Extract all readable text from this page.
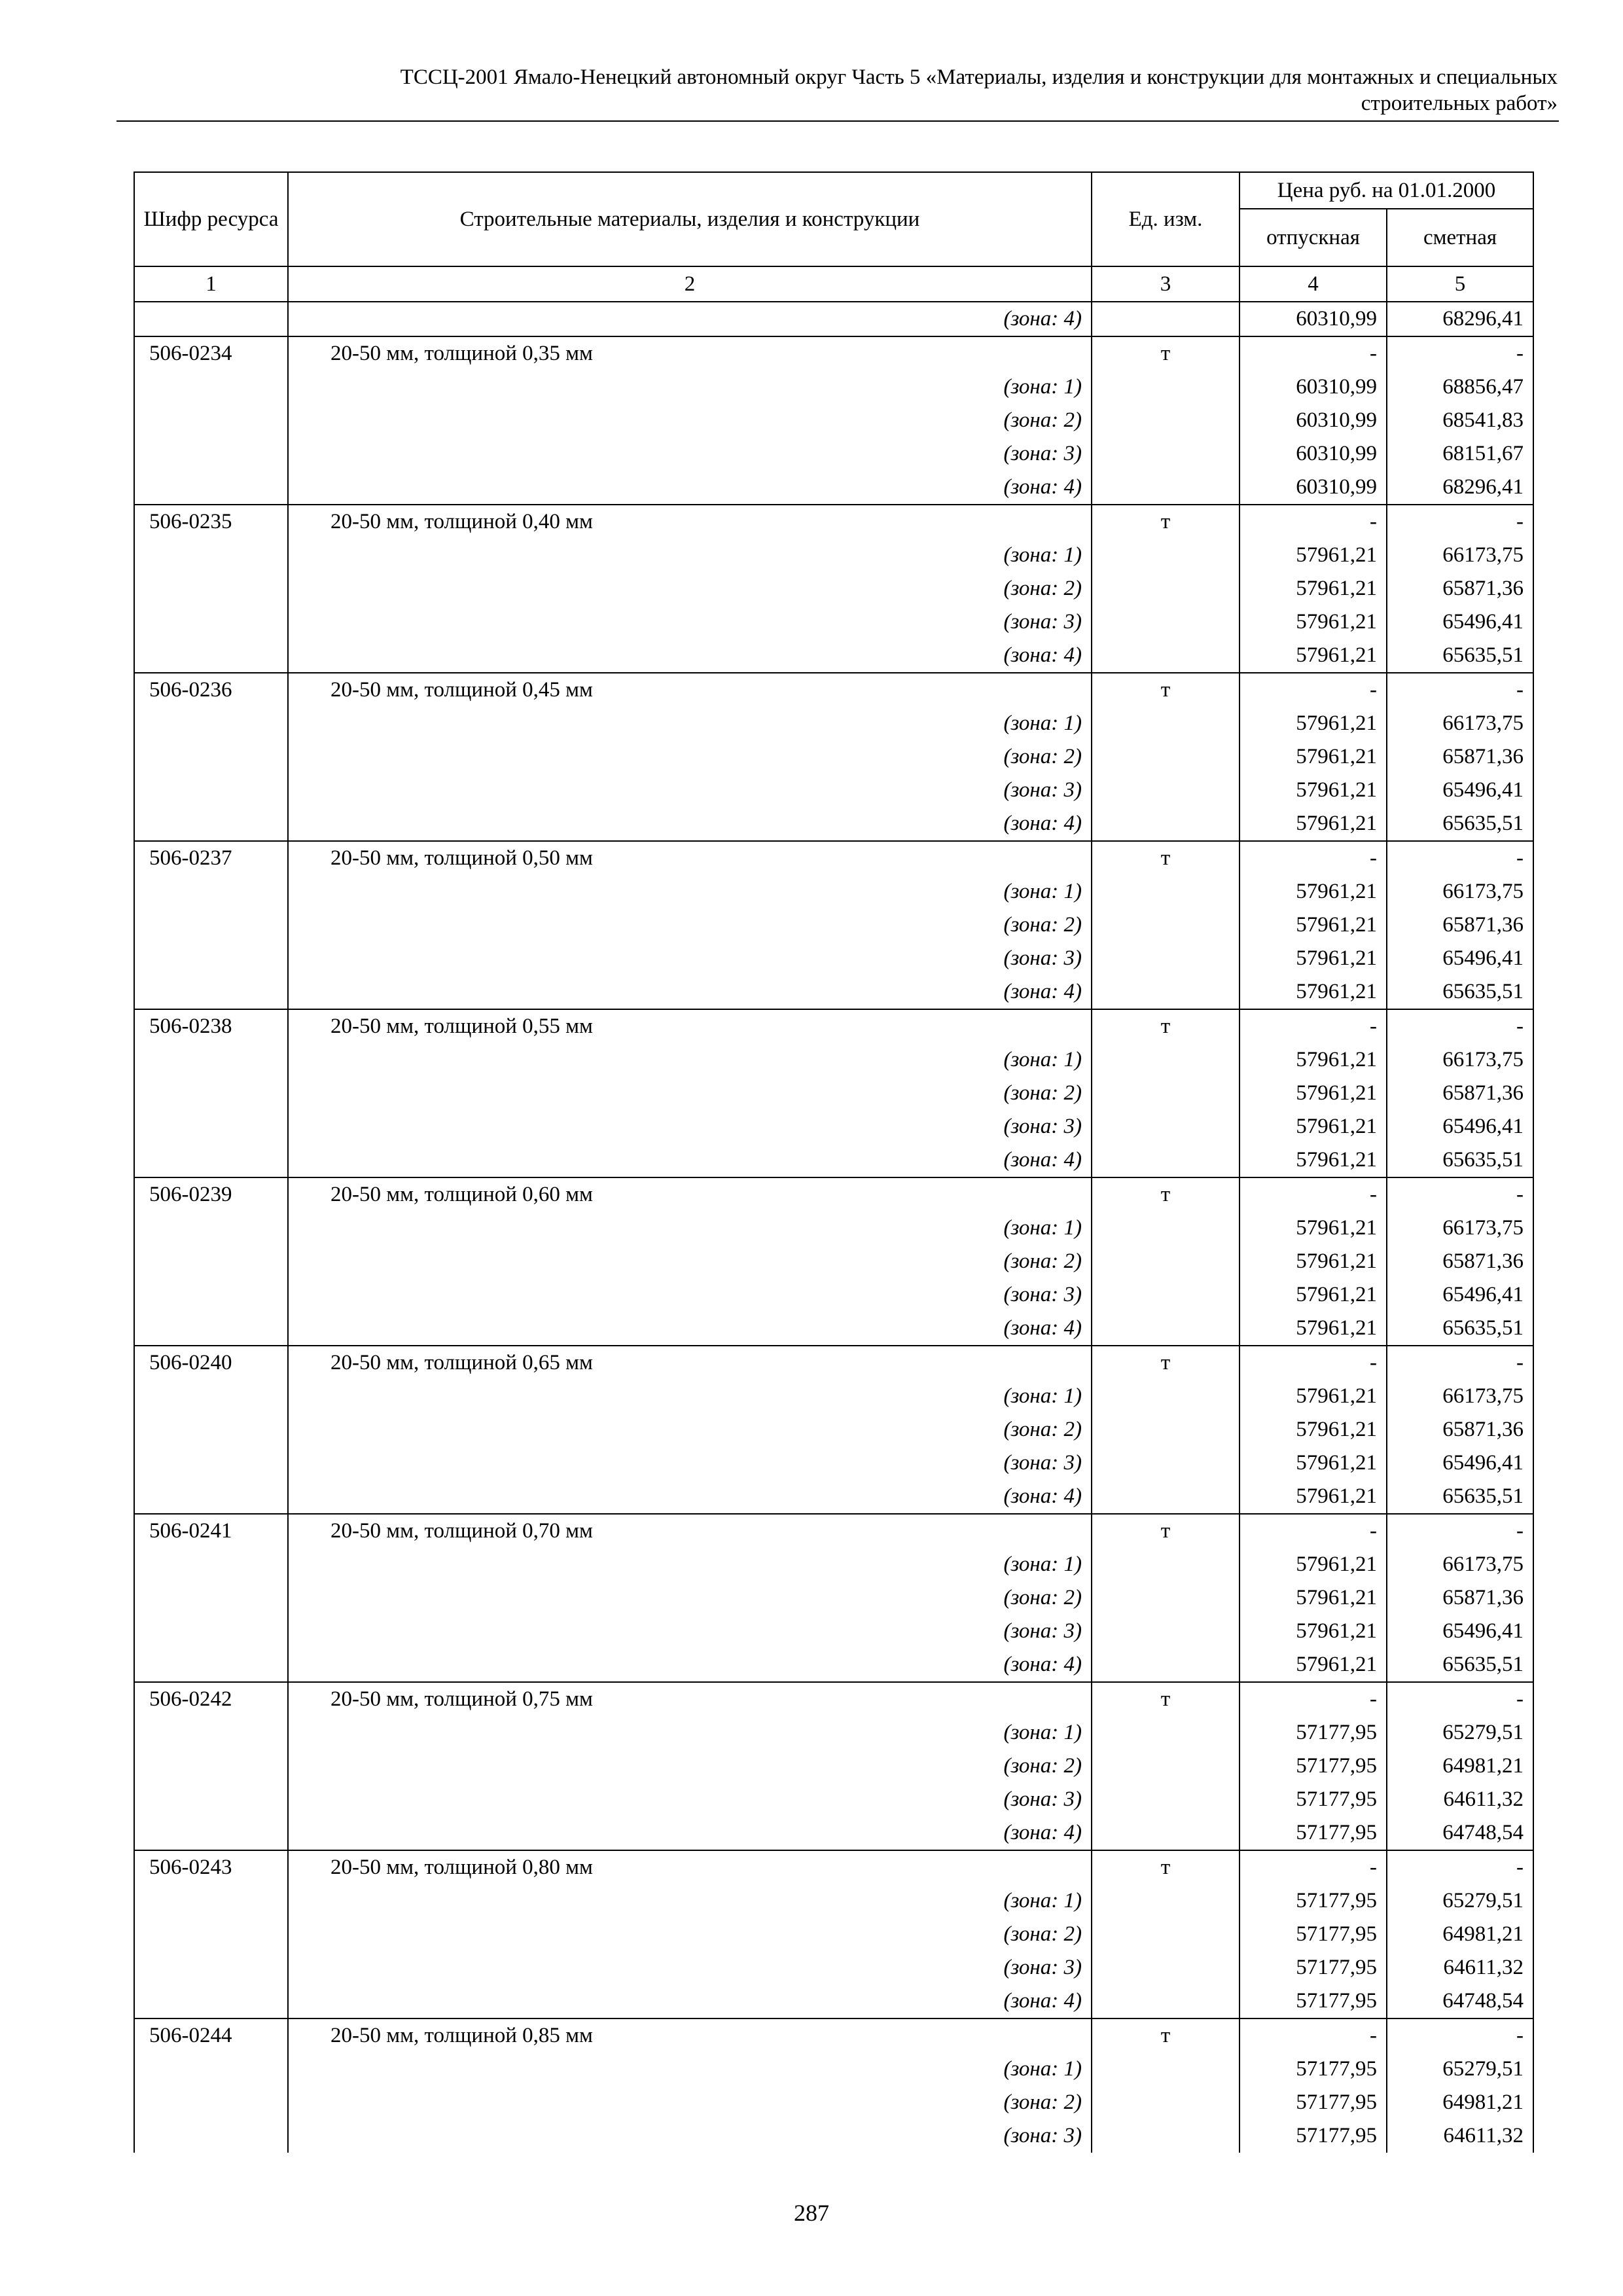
ТССЦ-2001 Ямало-Ненецкий автономный округ Часть 5 «Материалы, изделия и конструкции для монтажных и специальных
строительных работ»
Шифр ресурса	Строительные материалы, изделия и конструкции	Ед. изм.	Цена руб. на 01.01.2000	
			отпускная	сметная
1	2	3	4	5
	(зона: 4)		60310,99	68296,41
506-0234	20-50 мм, толщиной 0,35 мм	т	-	-
	(зона: 1)		60310,99	68856,47
	(зона: 2)		60310,99	68541,83
	(зона: 3)		60310,99	68151,67
	(зона: 4)		60310,99	68296,41
506-0235	20-50 мм, толщиной 0,40 мм	т	-	-
	(зона: 1)		57961,21	66173,75
	(зона: 2)		57961,21	65871,36
	(зона: 3)		57961,21	65496,41
	(зона: 4)		57961,21	65635,51
506-0236	20-50 мм, толщиной 0,45 мм	т	-	-
	(зона: 1)		57961,21	66173,75
	(зона: 2)		57961,21	65871,36
	(зона: 3)		57961,21	65496,41
	(зона: 4)		57961,21	65635,51
506-0237	20-50 мм, толщиной 0,50 мм	т	-	-
	(зона: 1)		57961,21	66173,75
	(зона: 2)		57961,21	65871,36
	(зона: 3)		57961,21	65496,41
	(зона: 4)		57961,21	65635,51
506-0238	20-50 мм, толщиной 0,55 мм	т	-	-
	(зона: 1)		57961,21	66173,75
	(зона: 2)		57961,21	65871,36
	(зона: 3)		57961,21	65496,41
	(зона: 4)		57961,21	65635,51
506-0239	20-50 мм, толщиной 0,60 мм	т	-	-
	(зона: 1)		57961,21	66173,75
	(зона: 2)		57961,21	65871,36
	(зона: 3)		57961,21	65496,41
	(зона: 4)		57961,21	65635,51
506-0240	20-50 мм, толщиной 0,65 мм	т	-	-
	(зона: 1)		57961,21	66173,75
	(зона: 2)		57961,21	65871,36
	(зона: 3)		57961,21	65496,41
	(зона: 4)		57961,21	65635,51
506-0241	20-50 мм, толщиной 0,70 мм	т	-	-
	(зона: 1)		57961,21	66173,75
	(зона: 2)		57961,21	65871,36
	(зона: 3)		57961,21	65496,41
	(зона: 4)		57961,21	65635,51
506-0242	20-50 мм, толщиной 0,75 мм	т	-	-
	(зона: 1)		57177,95	65279,51
	(зона: 2)		57177,95	64981,21
	(зона: 3)		57177,95	64611,32
	(зона: 4)		57177,95	64748,54
506-0243	20-50 мм, толщиной 0,80 мм	т	-	-
	(зона: 1)		57177,95	65279,51
	(зона: 2)		57177,95	64981,21
	(зона: 3)		57177,95	64611,32
	(зона: 4)		57177,95	64748,54
506-0244	20-50 мм, толщиной 0,85 мм	т	-	-
	(зона: 1)		57177,95	65279,51
	(зона: 2)		57177,95	64981,21
	(зона: 3)		57177,95	64611,32
287
